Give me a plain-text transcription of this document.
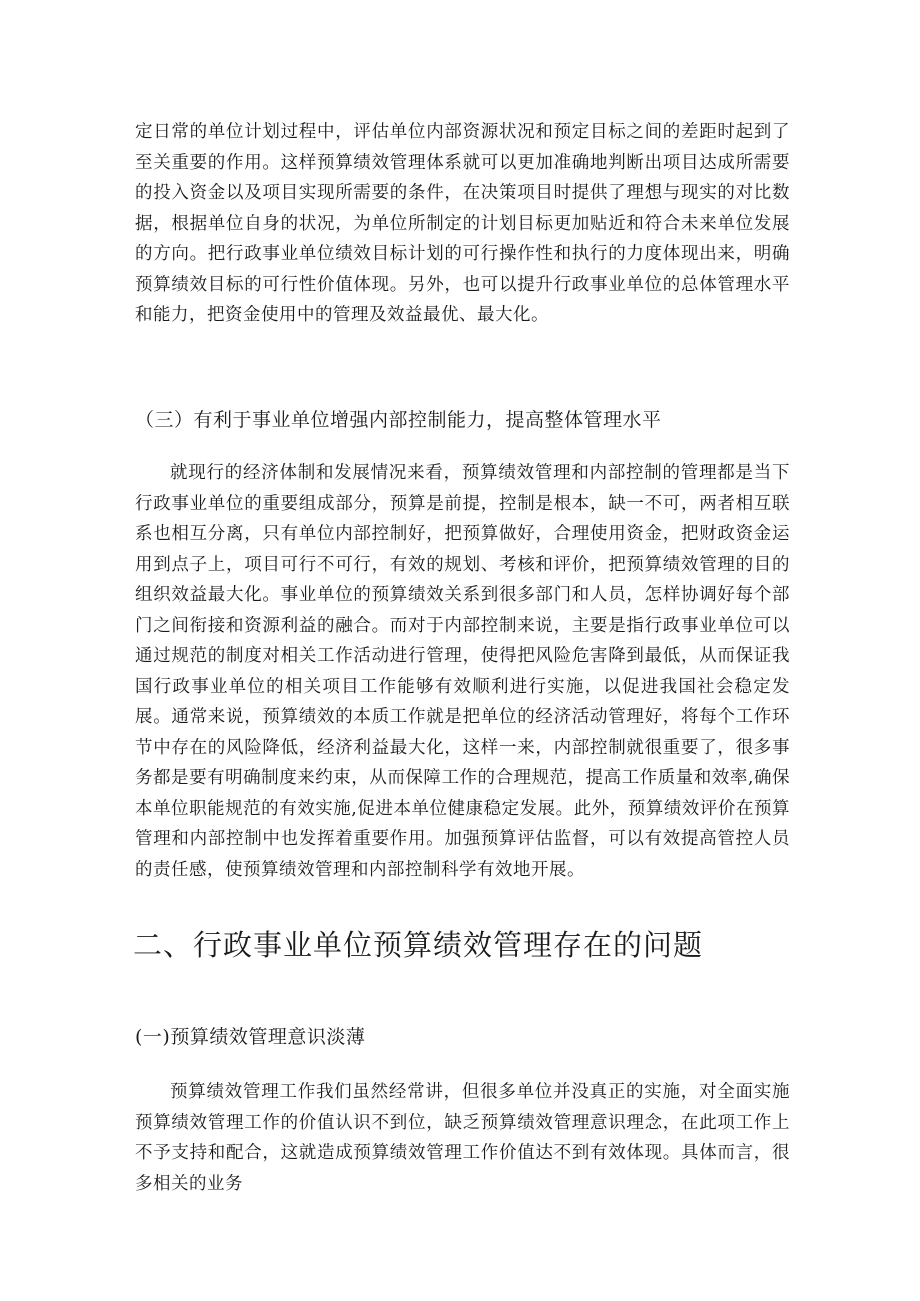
定日常的单位计划过程中，评估单位内部资源状况和预定目标之间的差距时起到了至关重要的作用。这样预算绩效管理体系就可以更加准确地判断出项目达成所需要的投入资金以及项目实现所需要的条件，在决策项目时提供了理想与现实的对比数据，根据单位自身的状况，为单位所制定的计划目标更加贴近和符合未来单位发展的方向。把行政事业单位绩效目标计划的可行操作性和执行的力度体现出来，明确预算绩效目标的可行性价值体现。另外，也可以提升行政事业单位的总体管理水平和能力，把资金使用中的管理及效益最优、最大化。

（三）有利于事业单位增强内部控制能力，提高整体管理水平

就现行的经济体制和发展情况来看，预算绩效管理和内部控制的管理都是当下行政事业单位的重要组成部分，预算是前提，控制是根本，缺一不可，两者相互联系也相互分离，只有单位内部控制好，把预算做好，合理使用资金，把财政资金运用到点子上，项目可行不可行，有效的规划、考核和评价，把预算绩效管理的目的组织效益最大化。事业单位的预算绩效关系到很多部门和人员，怎样协调好每个部门之间衔接和资源利益的融合。而对于内部控制来说，主要是指行政事业单位可以通过规范的制度对相关工作活动进行管理，使得把风险危害降到最低，从而保证我国行政事业单位的相关项目工作能够有效顺利进行实施，以促进我国社会稳定发展。通常来说，预算绩效的本质工作就是把单位的经济活动管理好，将每个工作环节中存在的风险降低，经济利益最大化，这样一来，内部控制就很重要了，很多事务都是要有明确制度来约束，从而保障工作的合理规范，提高工作质量和效率,确保本单位职能规范的有效实施,促进本单位健康稳定发展。此外，预算绩效评价在预算管理和内部控制中也发挥着重要作用。加强预算评估监督，可以有效提高管控人员的责任感，使预算绩效管理和内部控制科学有效地开展。

二、行政事业单位预算绩效管理存在的问题

(一)预算绩效管理意识淡薄

预算绩效管理工作我们虽然经常讲，但很多单位并没真正的实施，对全面实施预算绩效管理工作的价值认识不到位，缺乏预算绩效管理意识理念，在此项工作上不予支持和配合，这就造成预算绩效管理工作价值达不到有效体现。具体而言，很多相关的业务
